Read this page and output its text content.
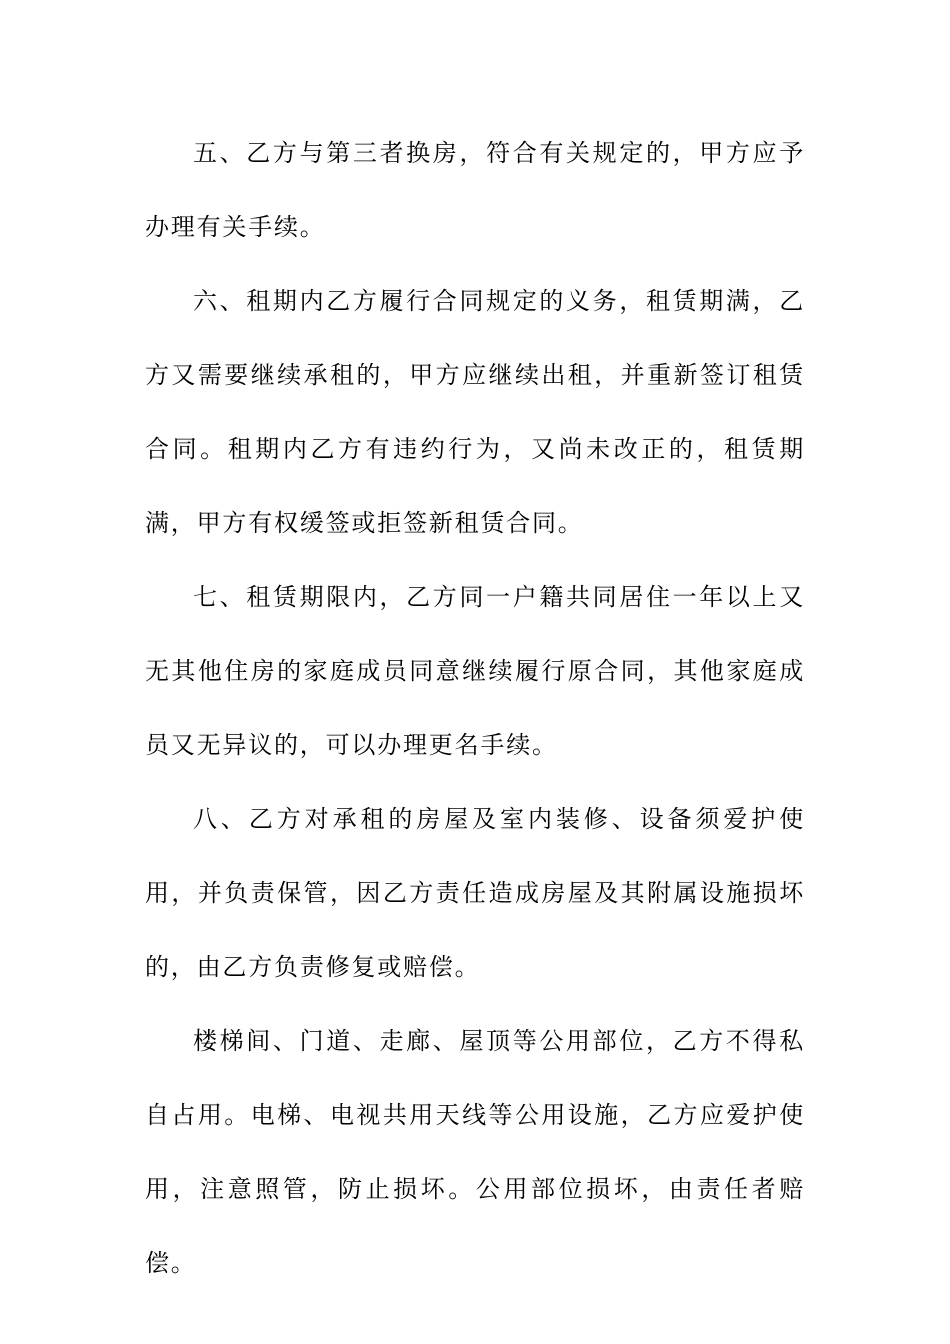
五、乙方与第三者换房，符合有关规定的，甲方应予办理有关手续。

六、租期内乙方履行合同规定的义务，租赁期满，乙方又需要继续承租的，甲方应继续出租，并重新签订租赁合同。租期内乙方有违约行为，又尚未改正的，租赁期满，甲方有权缓签或拒签新租赁合同。

七、租赁期限内，乙方同一户籍共同居住一年以上又无其他住房的家庭成员同意继续履行原合同，其他家庭成员又无异议的，可以办理更名手续。

八、乙方对承租的房屋及室内装修、设备须爱护使用，并负责保管，因乙方责任造成房屋及其附属设施损坏的，由乙方负责修复或赔偿。

楼梯间、门道、走廊、屋顶等公用部位，乙方不得私自占用。电梯、电视共用天线等公用设施，乙方应爱护使用，注意照管，防止损坏。公用部位损坏，由责任者赔偿。
